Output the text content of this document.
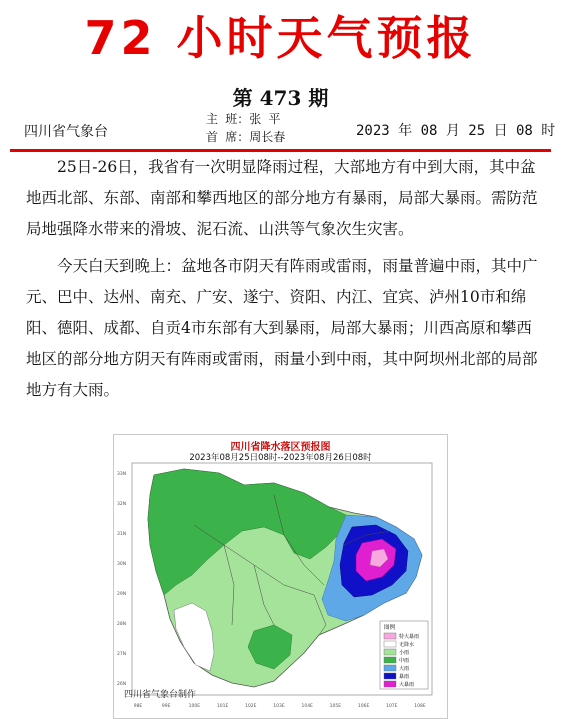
72 小时天气预报
第 473 期
四川省气象台
主 班：张 平
首 席：周长春	2023 年 08 月 25 日 08 时

25日-26日，我省有一次明显降雨过程，大部地方有中到大雨，其中盆地西北部、东部、南部和攀西地区的部分地方有暴雨，局部大暴雨。需防范局地强降水带来的滑坡、泥石流、山洪等气象次生灾害。

今天白天到晚上：盆地各市阴天有阵雨或雷雨，雨量普遍中雨，其中广元、巴中、达州、南充、广安、遂宁、资阳、内江、宜宾、泸州10市和绵阳、德阳、成都、自贡4市东部有大到暴雨，局部大暴雨；川西高原和攀西地区的部分地方阴天有阵雨或雷雨，雨量小到中雨，其中阿坝州北部的局部地方有大雨。

图例
特大暴雨
无降水
小雨
中雨
大雨
暴雨
大暴雨
33N
32N
31N
30N
29N
28N
27N
26N
98E	99E	100E	101E	102E	103E	104E	105E	106E	107E	108E
四川省降水落区预报图
2023年08月25日08时--2023年08月26日08时
四川省气象台制作
